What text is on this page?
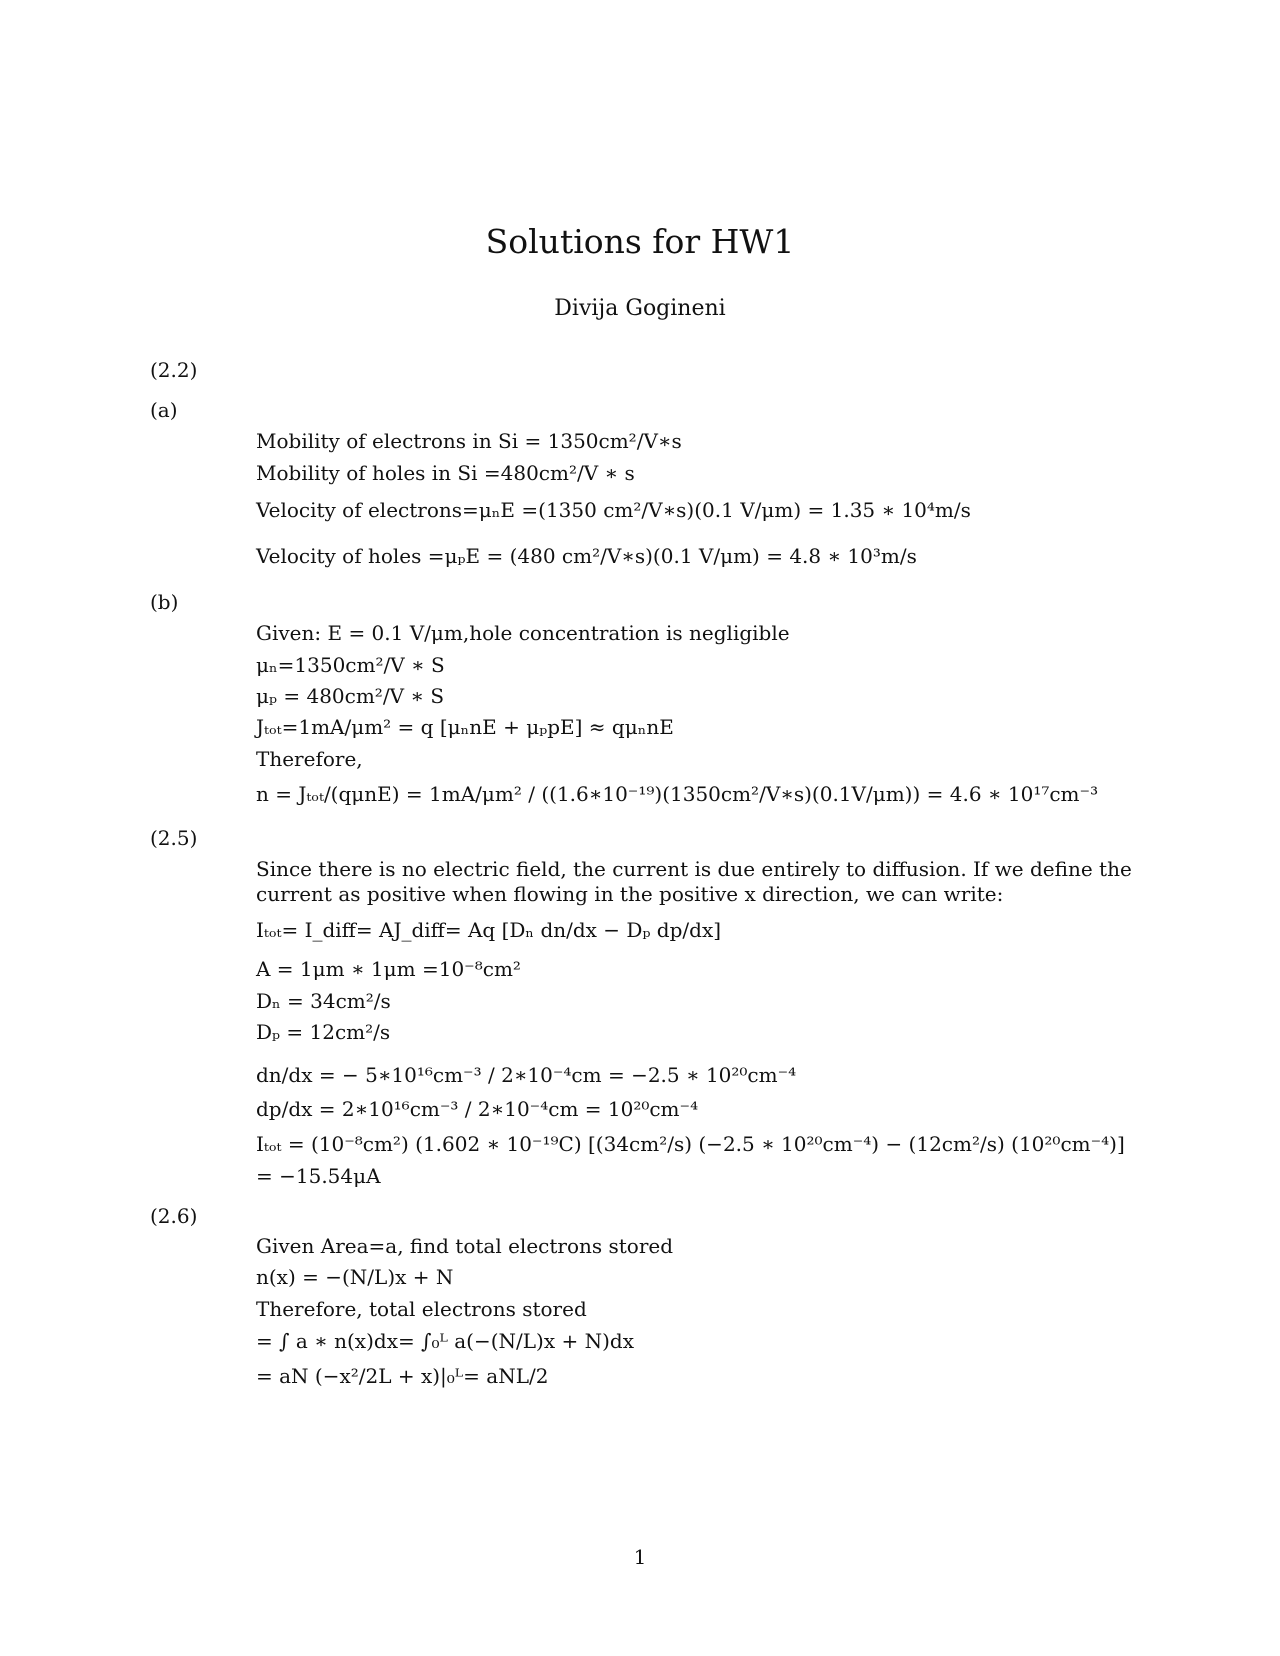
Solutions for HW1
Divija Gogineni
(2.2)
(a)
Mobility of electrons in Si = 1350cm²/V∗s
Mobility of holes in Si =480cm²/V ∗ s
Velocity of electrons=μₙE =(1350 cm²/V∗s)(0.1 V/μm) = 1.35 ∗ 10⁴m/s
Velocity of holes =μₚE = (480 cm²/V∗s)(0.1 V/μm) = 4.8 ∗ 10³m/s
(b)
Given: E = 0.1 V/μm,hole concentration is negligible
μₙ=1350cm²/V ∗ S
μₚ = 480cm²/V ∗ S
Jₜₒₜ=1mA/μm² = q [μₙnE + μₚpE] ≈ qμₙnE
Therefore,
n = Jₜₒₜ/(qμnE) = 1mA/μm² / ((1.6∗10⁻¹⁹)(1350cm²/V∗s)(0.1V/μm)) = 4.6 ∗ 10¹⁷cm⁻³
(2.5)
Since there is no electric field, the current is due entirely to diffusion. If we define the current as positive when flowing in the positive x direction, we can write:
Iₜₒₜ= I_diff= AJ_diff= Aq [Dₙ dn/dx − Dₚ dp/dx]
A = 1μm ∗ 1μm =10⁻⁸cm²
Dₙ = 34cm²/s
Dₚ = 12cm²/s
dn/dx = − 5∗10¹⁶cm⁻³ / 2∗10⁻⁴cm = −2.5 ∗ 10²⁰cm⁻⁴
dp/dx = 2∗10¹⁶cm⁻³ / 2∗10⁻⁴cm = 10²⁰cm⁻⁴
Iₜₒₜ = (10⁻⁸cm²) (1.602 ∗ 10⁻¹⁹C) [(34cm²/s) (−2.5 ∗ 10²⁰cm⁻⁴) − (12cm²/s) (10²⁰cm⁻⁴)]
= −15.54μA
(2.6)
Given Area=a, find total electrons stored
n(x) = −(N/L)x + N
Therefore, total electrons stored
= ∫ a ∗ n(x)dx= ∫₀ᴸ a(−(N/L)x + N)dx
= aN (−x²/2L + x)|₀ᴸ= aNL/2
1
